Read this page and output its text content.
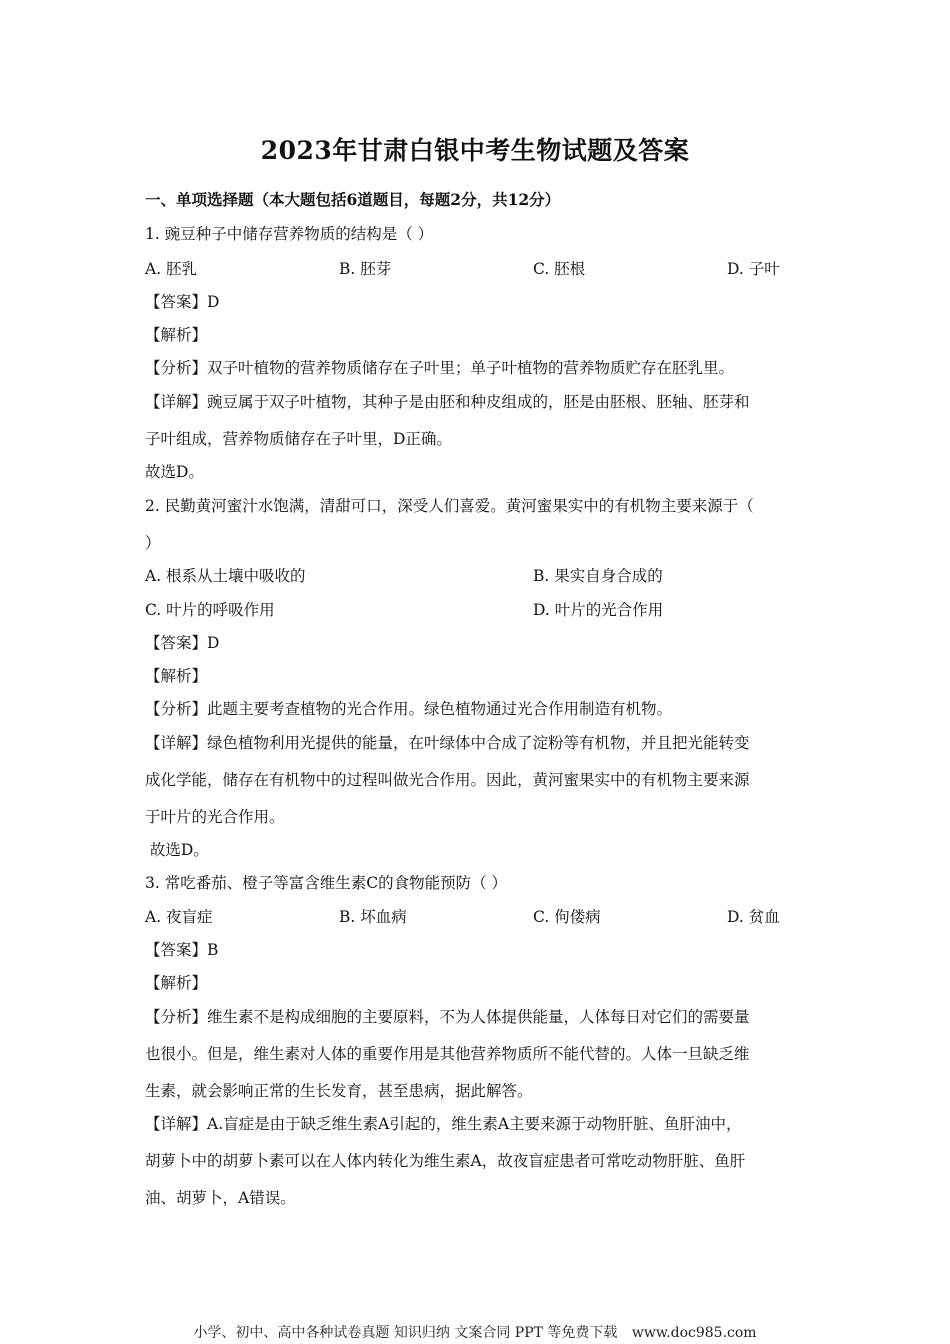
2023年甘肃白银中考生物试题及答案
一、单项选择题（本大题包括6道题目，每题2分，共12分）
1. 豌豆种子中储存营养物质的结构是（ ）
A. 胚乳	B. 胚芽	C. 胚根	D. 子叶
【答案】D
【解析】
【分析】双子叶植物的营养物质储存在子叶里；单子叶植物的营养物质贮存在胚乳里。
【详解】豌豆属于双子叶植物，其种子是由胚和种皮组成的，胚是由胚根、胚轴、胚芽和
子叶组成，营养物质储存在子叶里，D正确。
故选D。
2. 民勤黄河蜜汁水饱满，清甜可口，深受人们喜爱。黄河蜜果实中的有机物主要来源于（
）
A. 根系从土壤中吸收的	B. 果实自身合成的
C. 叶片的呼吸作用	D. 叶片的光合作用
【答案】D
【解析】
【分析】此题主要考查植物的光合作用。绿色植物通过光合作用制造有机物。
【详解】绿色植物利用光提供的能量，在叶绿体中合成了淀粉等有机物，并且把光能转变
成化学能，储存在有机物中的过程叫做光合作用。因此，黄河蜜果实中的有机物主要来源
于叶片的光合作用。
故选D。
3. 常吃番茄、橙子等富含维生素C的食物能预防（ ）
A. 夜盲症	B. 坏血病	C. 佝偻病	D. 贫血
【答案】B
【解析】
【分析】维生素不是构成细胞的主要原料，不为人体提供能量，人体每日对它们的需要量
也很小。但是，维生素对人体的重要作用是其他营养物质所不能代替的。人体一旦缺乏维
生素，就会影响正常的生长发育，甚至患病，据此解答。
【详解】A.盲症是由于缺乏维生素A引起的，维生素A主要来源于动物肝脏、鱼肝油中，
胡萝卜中的胡萝卜素可以在人体内转化为维生素A，故夜盲症患者可常吃动物肝脏、鱼肝
油、胡萝卜，A错误。
小学、初中、高中各种试卷真题 知识归纳 文案合同 PPT 等免费下载 www.doc985.com
